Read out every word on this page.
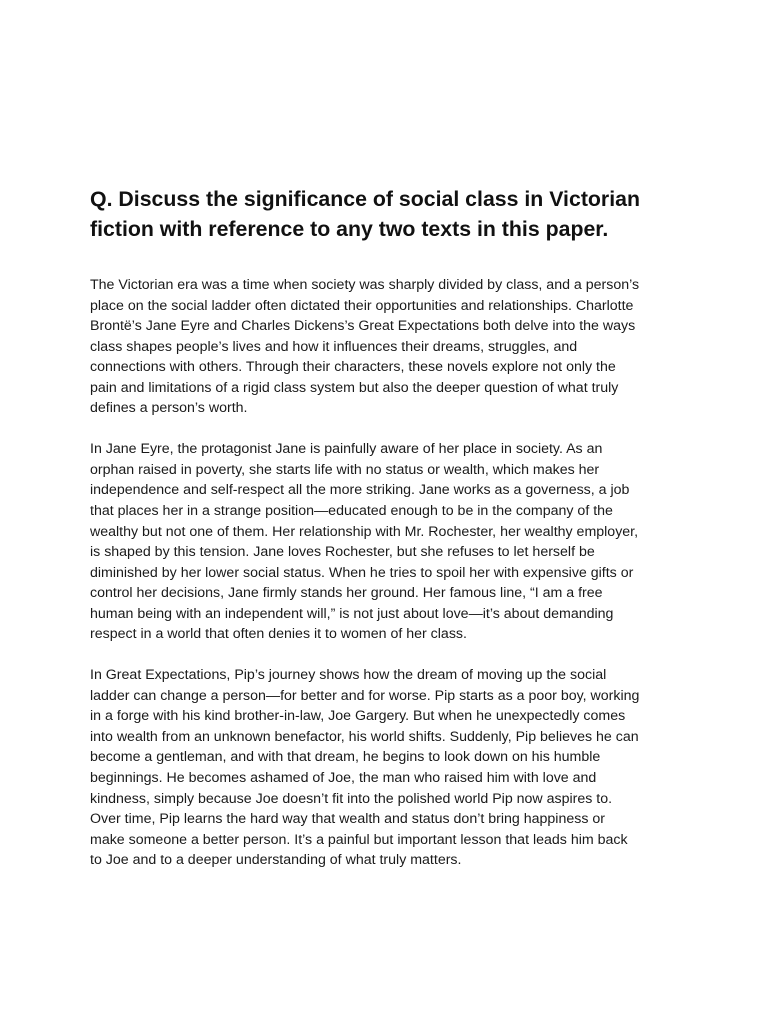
Q. Discuss the significance of social class in Victorian
fiction with reference to any two texts in this paper.

The Victorian era was a time when society was sharply divided by class, and a person’s
place on the social ladder often dictated their opportunities and relationships. Charlotte
Brontë’s Jane Eyre and Charles Dickens’s Great Expectations both delve into the ways
class shapes people’s lives and how it influences their dreams, struggles, and
connections with others. Through their characters, these novels explore not only the
pain and limitations of a rigid class system but also the deeper question of what truly
defines a person’s worth.

In Jane Eyre, the protagonist Jane is painfully aware of her place in society. As an
orphan raised in poverty, she starts life with no status or wealth, which makes her
independence and self-respect all the more striking. Jane works as a governess, a job
that places her in a strange position—educated enough to be in the company of the
wealthy but not one of them. Her relationship with Mr. Rochester, her wealthy employer,
is shaped by this tension. Jane loves Rochester, but she refuses to let herself be
diminished by her lower social status. When he tries to spoil her with expensive gifts or
control her decisions, Jane firmly stands her ground. Her famous line, “I am a free
human being with an independent will,” is not just about love—it’s about demanding
respect in a world that often denies it to women of her class.

In Great Expectations, Pip’s journey shows how the dream of moving up the social
ladder can change a person—for better and for worse. Pip starts as a poor boy, working
in a forge with his kind brother-in-law, Joe Gargery. But when he unexpectedly comes
into wealth from an unknown benefactor, his world shifts. Suddenly, Pip believes he can
become a gentleman, and with that dream, he begins to look down on his humble
beginnings. He becomes ashamed of Joe, the man who raised him with love and
kindness, simply because Joe doesn’t fit into the polished world Pip now aspires to.
Over time, Pip learns the hard way that wealth and status don’t bring happiness or
make someone a better person. It’s a painful but important lesson that leads him back
to Joe and to a deeper understanding of what truly matters.
